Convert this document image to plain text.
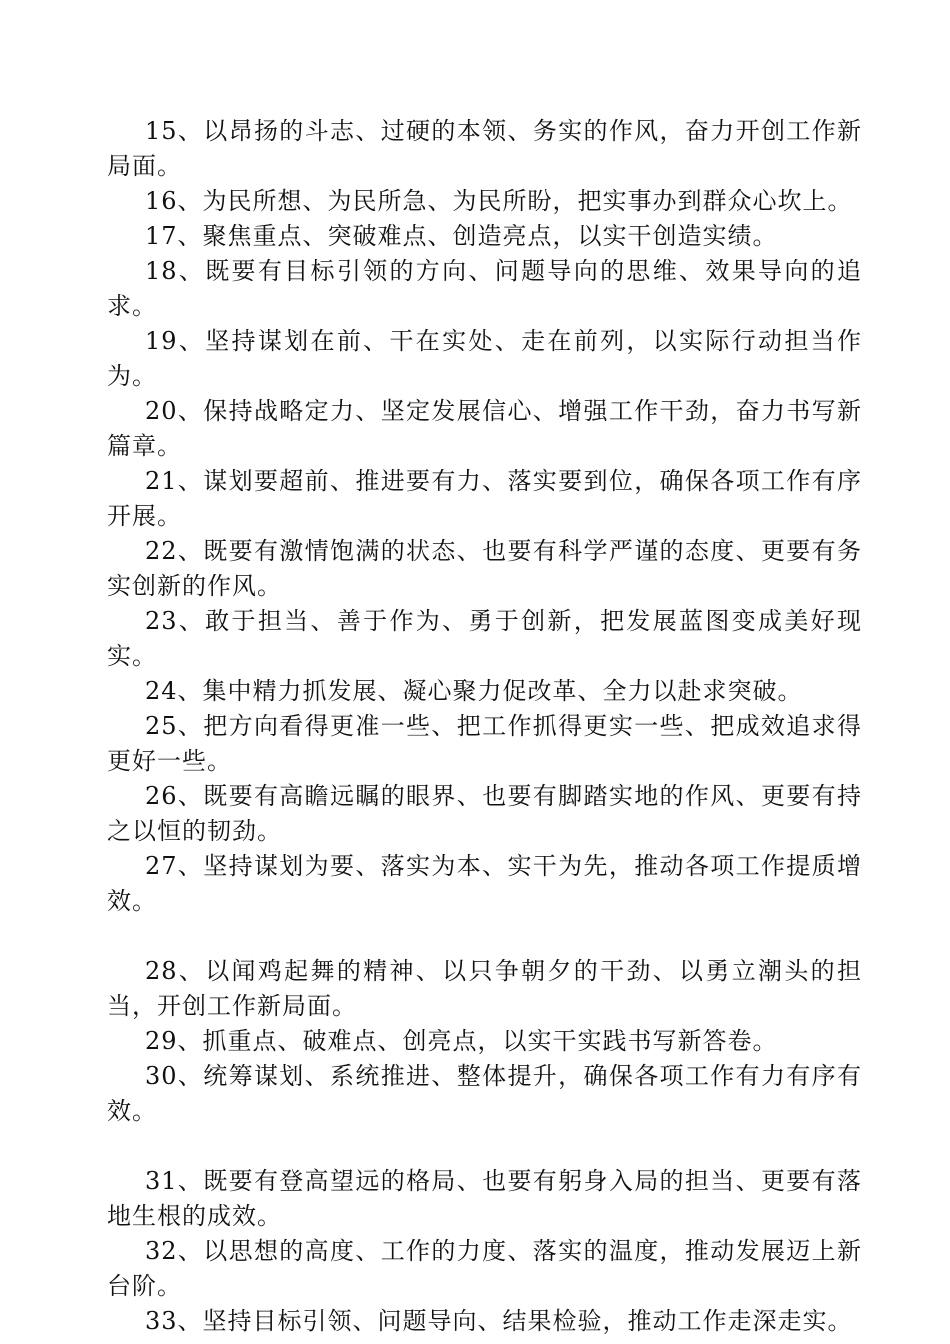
15、以昂扬的斗志、过硬的本领、务实的作风，奋力开创工作新局面。

16、为民所想、为民所急、为民所盼，把实事办到群众心坎上。

17、聚焦重点、突破难点、创造亮点，以实干创造实绩。

18、既要有目标引领的方向、问题导向的思维、效果导向的追求。

19、坚持谋划在前、干在实处、走在前列，以实际行动担当作为。

20、保持战略定力、坚定发展信心、增强工作干劲，奋力书写新篇章。

21、谋划要超前、推进要有力、落实要到位，确保各项工作有序开展。

22、既要有激情饱满的状态、也要有科学严谨的态度、更要有务实创新的作风。

23、敢于担当、善于作为、勇于创新，把发展蓝图变成美好现实。

24、集中精力抓发展、凝心聚力促改革、全力以赴求突破。

25、把方向看得更准一些、把工作抓得更实一些、把成效追求得更好一些。

26、既要有高瞻远瞩的眼界、也要有脚踏实地的作风、更要有持之以恒的韧劲。

27、坚持谋划为要、落实为本、实干为先，推动各项工作提质增效。

28、以闻鸡起舞的精神、以只争朝夕的干劲、以勇立潮头的担当，开创工作新局面。

29、抓重点、破难点、创亮点，以实干实践书写新答卷。

30、统筹谋划、系统推进、整体提升，确保各项工作有力有序有效。

31、既要有登高望远的格局、也要有躬身入局的担当、更要有落地生根的成效。

32、以思想的高度、工作的力度、落实的温度，推动发展迈上新台阶。

33、坚持目标引领、问题导向、结果检验，推动工作走深走实。
